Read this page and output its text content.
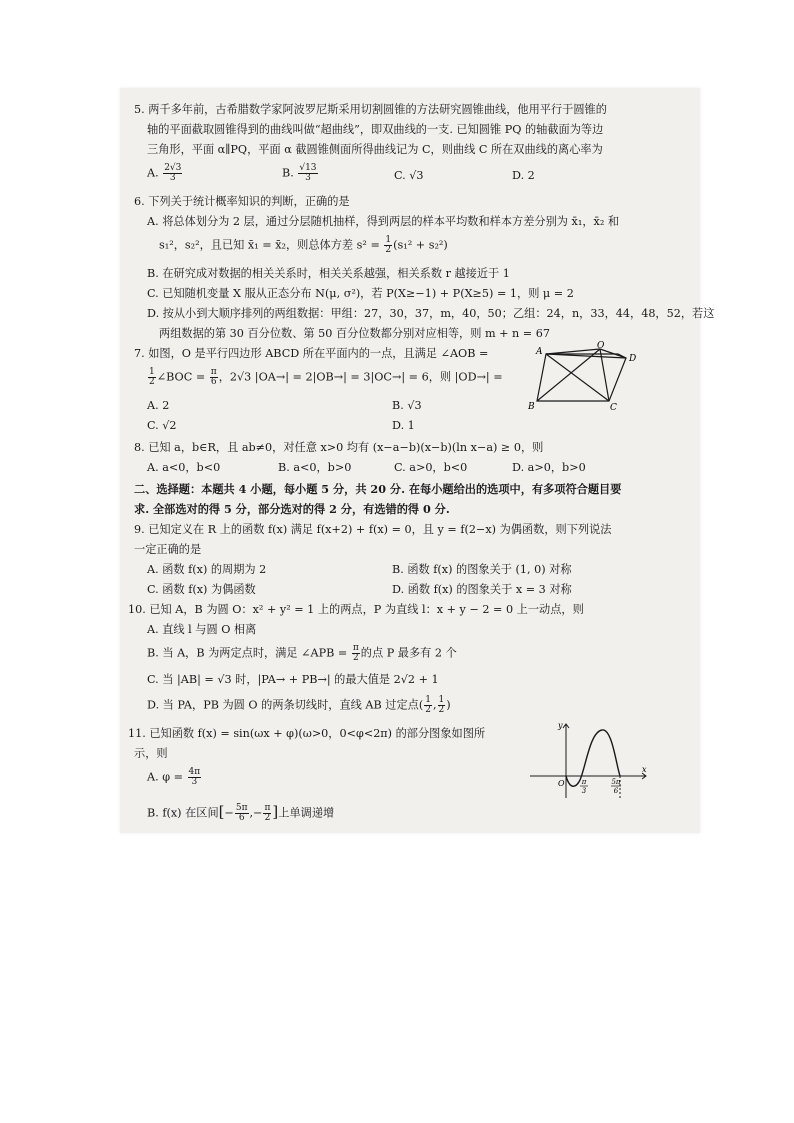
5. 两千多年前，古希腊数学家阿波罗尼斯采用切割圆锥的方法研究圆锥曲线，他用平行于圆锥的
轴的平面截取圆锥得到的曲线叫做“超曲线”，即双曲线的一支. 已知圆锥 PQ 的轴截面为等边
三角形，平面 α∥PQ，平面 α 截圆锥侧面所得曲线记为 C，则曲线 C 所在双曲线的离心率为
A. $\frac{2√3}{3}$	B. $\frac{√13}{3}$	C. √3	D. 2
6. 下列关于统计概率知识的判断，正确的是
A. 将总体划分为 2 层，通过分层随机抽样，得到两层的样本平均数和样本方差分别为 x̄₁，x̄₂ 和
s₁²，s₂²，且已知 x̄₁ = x̄₂，则总体方差 $s^2 = \frac{1}{2} (s_1^2 + s_2^2)$
B. 在研究成对数据的相关关系时，相关关系越强，相关系数 r 越接近于 1
C. 已知随机变量 X 服从正态分布 N(μ, σ²)，若 P(X≥−1) + P(X≥5) = 1，则 μ = 2
D. 按从小到大顺序排列的两组数据：甲组：27，30，37，m，40，50；乙组：24，n，33，44，48，52，若这
两组数据的第 30 百分位数、第 50 百分位数都分别对应相等，则 m + n = 67
7. 如图，O 是平行四边形 ABCD 所在平面内的一点，且满足 ∠AOB =
$\frac{1}{2}$ ∠BOC = $\frac{\pi}{6}$ ，2√3 |OA→| = 2|OB→| = 3|OC→| = 6，则 |OD→| =
A. 2	B. √3
C. √2	D. 1
A
O
D
B	C
8. 已知 a，b∈R，且 ab≠0，对任意 x>0 均有 (x−a−b)(x−b)(ln x−a) ≥ 0，则
A. a<0，b<0	B. a<0，b>0	C. a>0，b<0	D. a>0，b>0
二、选择题：本题共 4 小题，每小题 5 分，共 20 分. 在每小题给出的选项中，有多项符合题目要
求. 全部选对的得 5 分，部分选对的得 2 分，有选错的得 0 分.
9. 已知定义在 R 上的函数 f(x) 满足 f(x+2) + f(x) = 0，且 y = f(2−x) 为偶函数，则下列说法
一定正确的是
A. 函数 f(x) 的周期为 2	B. 函数 f(x) 的图象关于 (1, 0) 对称
C. 函数 f(x) 为偶函数	D. 函数 f(x) 的图象关于 x = 3 对称
10. 已知 A，B 为圆 O：x² + y² = 1 上的两点，P 为直线 l：x + y − 2 = 0 上一动点，则
A. 直线 l 与圆 O 相离
B. 当 A，B 为两定点时，满足 ∠APB = $\frac{\pi}{2}$ 的点 P 最多有 2 个
C. 当 |AB| = √3 时，|PA→ + PB→| 的最大值是 2√2 + 1
D. 当 PA，PB 为圆 O 的两条切线时，直线 AB 过定点( $\frac{1}{2}$ , $\frac{1}{2}$ )
11. 已知函数 f(x) = sin(ωx + φ)(ω>0，0<φ<2π) 的部分图象如图所
示，则
A. $\varphi = \frac{4\pi}{3}$
B. f(x) 在区间[− $\frac{5\pi}{6}$ ,− $\frac{\pi}{2}$ ]上单调递增
O
x
y
π
3
5π
6
